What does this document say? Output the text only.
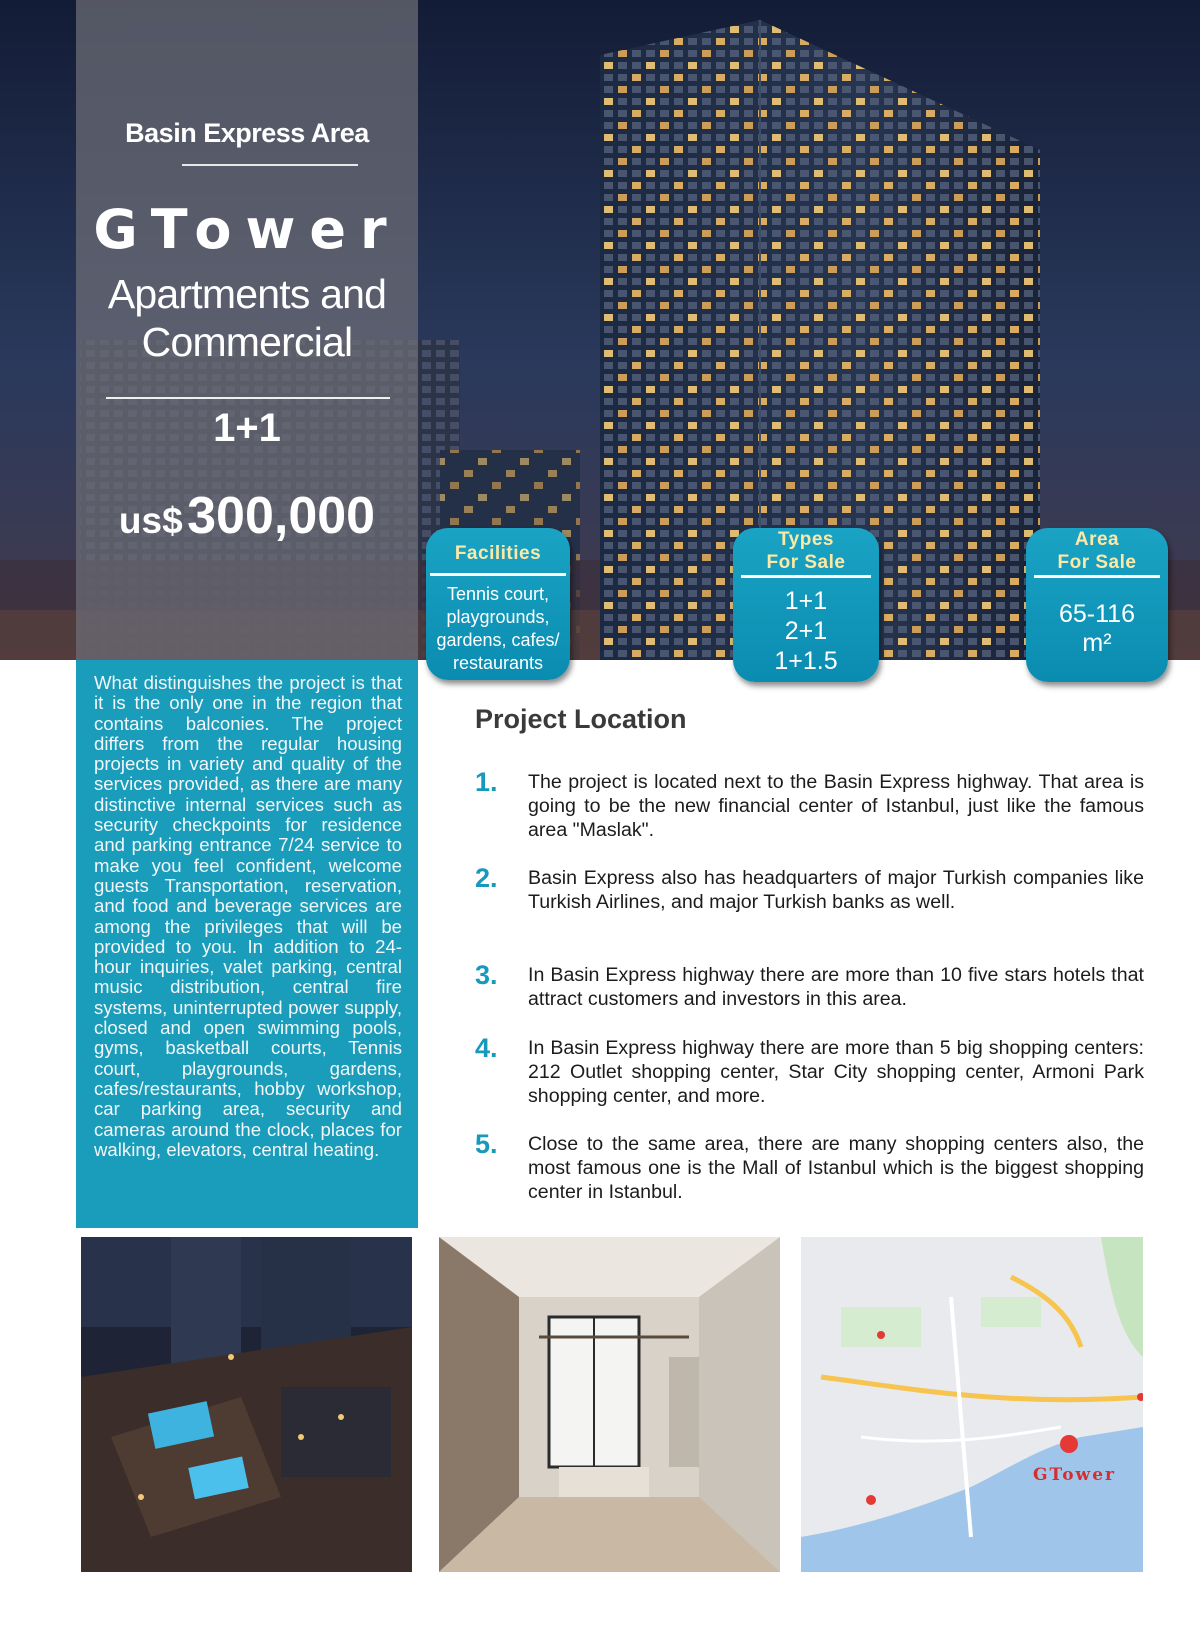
Basin Express Area
GTower
Apartments and
Commercial
1+1
us$ 300,000
Facilities
Tennis court,
playgrounds,
gardens, cafes/
restaurants
Types
For Sale
1+1
2+1
1+1.5
Area
For Sale
65-116
m²
What distinguishes the project is that it is the only one in the region that contains balconies. The project differs from the regular housing projects in variety and quality of the services provided, as there are many distinctive internal services such as security checkpoints for residence and parking entrance 7/24 service to make you feel confident, welcome guests Transportation, reservation, and food and beverage services are among the privileges that will be provided to you. In addition to 24-hour inquiries, valet parking, central music distribution, central fire systems, uninterrupted power supply, closed and open swimming pools, gyms, basketball courts, Tennis court, playgrounds, gardens, cafes/restaurants, hobby workshop, car parking area, security and cameras around the clock, places for walking, elevators, central heating.
Project Location
1. The project is located next to the Basin Express highway. That area is going to be the new financial center of Istanbul, just like the famous area "Maslak".
2. Basin Express also has headquarters of major Turkish companies like Turkish Airlines, and major Turkish banks as well.
3. In Basin Express highway there are more than 10 five stars hotels that attract customers and investors in this area.
4. In Basin Express highway there are more than 5 big shopping centers: 212 Outlet shopping center, Star City shopping center, Armoni Park shopping center, and more.
5. Close to the same area, there are many shopping centers also, the most famous one is the Mall of Istanbul which is the biggest shopping center in Istanbul.
GTower
